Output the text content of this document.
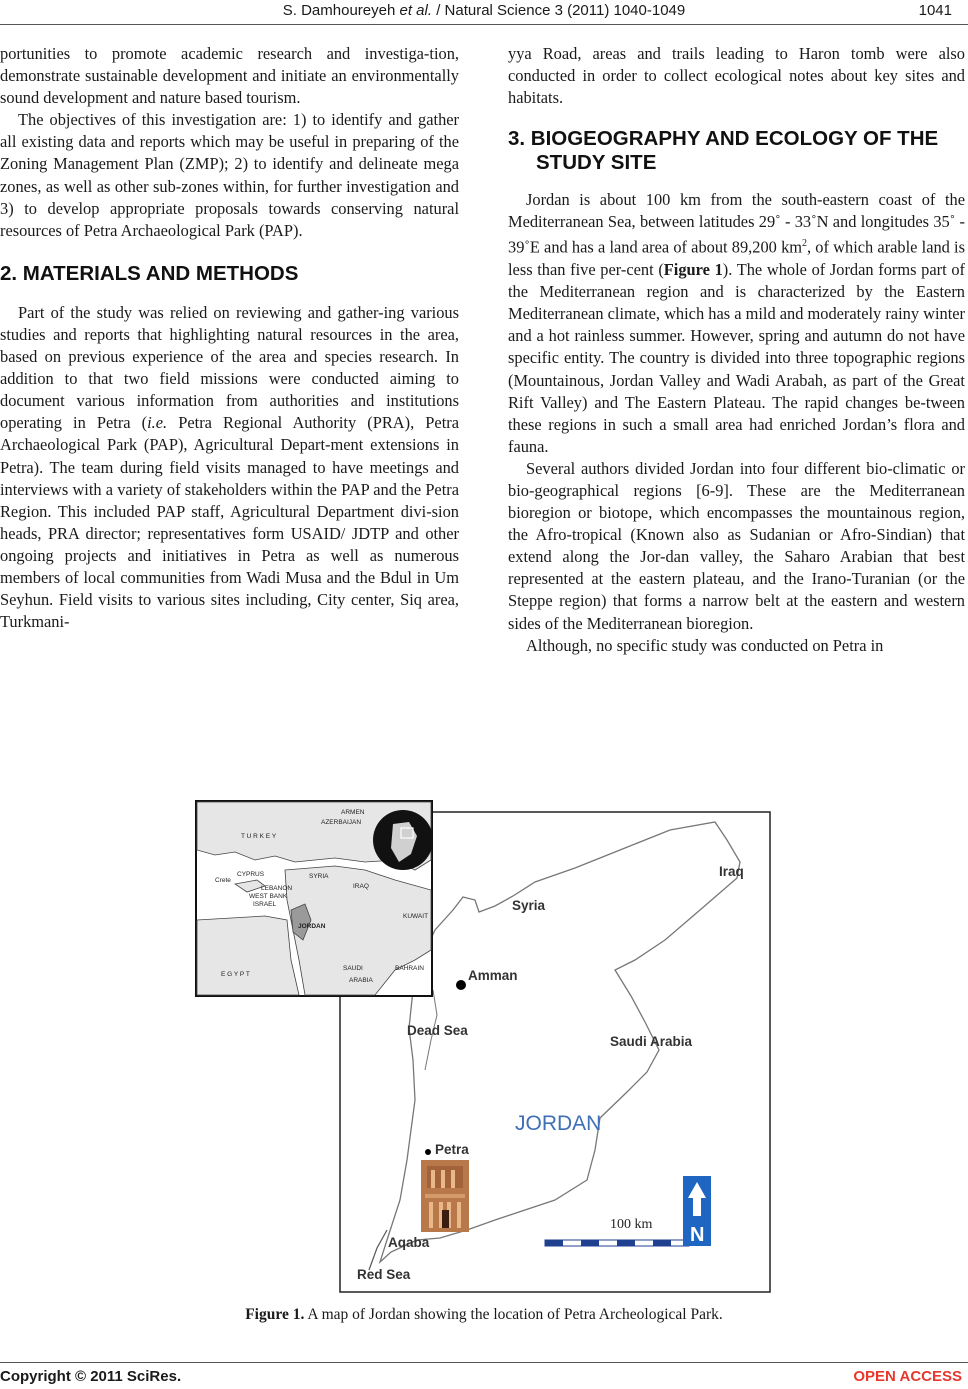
S. Damhoureyeh et al. / Natural Science 3 (2011) 1040-1049	1041

portunities to promote academic research and investiga-tion, demonstrate sustainable development and initiate an environmentally sound development and nature based tourism.

The objectives of this investigation are: 1) to identify and gather all existing data and reports which may be useful in preparing of the Zoning Management Plan (ZMP); 2) to identify and delineate mega zones, as well as other sub-zones within, for further investigation and 3) to develop appropriate proposals towards conserving natural resources of Petra Archaeological Park (PAP).

2. MATERIALS AND METHODS

Part of the study was relied on reviewing and gather-ing various studies and reports that highlighting natural resources in the area, based on previous experience of the area and species research. In addition to that two field missions were conducted aiming to document various information from authorities and institutions operating in Petra (i.e. Petra Regional Authority (PRA), Petra Archaeological Park (PAP), Agricultural Depart-ment extensions in Petra). The team during field visits managed to have meetings and interviews with a variety of stakeholders within the PAP and the Petra Region. This included PAP staff, Agricultural Department divi-sion heads, PRA director; representatives form USAID/ JDTP and other ongoing projects and initiatives in Petra as well as numerous members of local communities from Wadi Musa and the Bdul in Um Seyhun. Field visits to various sites including, City center, Siq area, Turkmani-

yya Road, areas and trails leading to Haron tomb were also conducted in order to collect ecological notes about key sites and habitats.

3. BIOGEOGRAPHY AND ECOLOGY OF THE STUDY SITE

Jordan is about 100 km from the south-eastern coast of the Mediterranean Sea, between latitudes 29˚ - 33˚N and longitudes 35˚ - 39˚E and has a land area of about 89,200 $km^2$, of which arable land is less than five per-cent (Figure 1). The whole of Jordan forms part of the Mediterranean region and is characterized by the Eastern Mediterranean climate, which has a mild and moderately rainy winter and a hot rainless summer. However, spring and autumn do not have specific entity. The country is divided into three topographic regions (Mountainous, Jordan Valley and Wadi Arabah, as part of the Great Rift Valley) and The Eastern Plateau. The rapid changes be-tween these regions in such a small area had enriched Jordan’s flora and fauna.

Several authors divided Jordan into four different bio-climatic or bio-geographical regions [6-9]. These are the Mediterranean bioregion or biotope, which encompasses the mountainous region, the Afro-tropical (Known also as Sudanian or Afro-Sindian) that extend along the Jor-dan valley, the Saharo Arabian that best represented at the eastern plateau, and the Irano-Turanian (or the Steppe region) that forms a narrow belt at the eastern and western sides of the Mediterranean bioregion.

Although, no specific study was conducted on Petra in

Iraq
Syria
Amman
Dead Sea
Saudi Arabia
JORDAN
Petra
Aqaba
Red Sea
100 km N
ARMEN
AZERBAIJAN
T U R K E Y
CYPRUS
Crete
SYRIA
IRAQ
LEBANON
WEST BANK
ISRAEL
JORDAN
KUWAIT
E G Y P T
SAUDI
ARABIA
BAHRAIN
Figure 1. A map of Jordan showing the location of Petra Archeological Park.
Copyright © 2011 SciRes.	OPEN ACCESS
